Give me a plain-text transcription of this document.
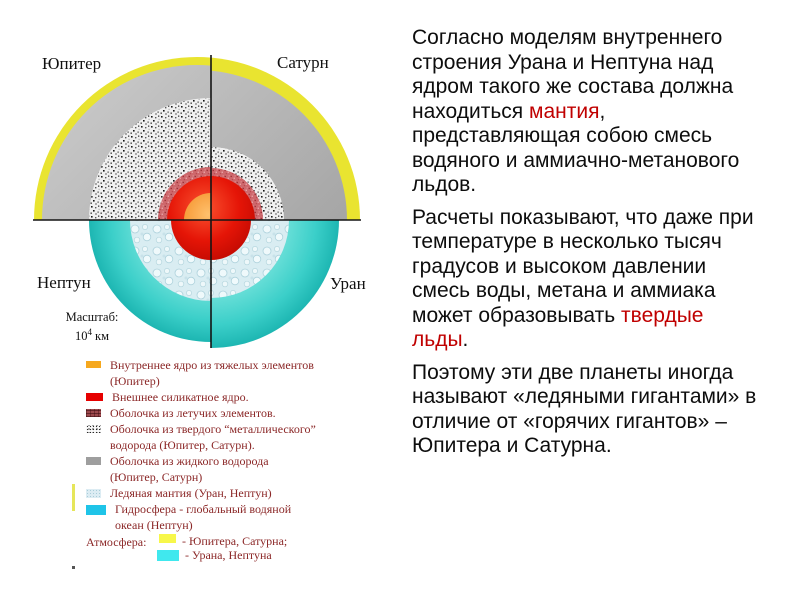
Юпитер	Сатурн
Нептун	Уран
Масштаб:
$10^4$ км
Внутреннее ядро из тяжелых элементов
(Юпитер)
Внешнее силикатное ядро.
Оболочка из летучих элементов.
Оболочка из твердого “металлического”
водорода (Юпитер, Сатурн).
Оболочка из жидкого водорода
(Юпитер, Сатурн)
Ледяная мантия (Уран, Нептун)
Гидросфера - глобальный водяной
океан (Нептун)
Атмосфера:	- Юпитера, Сатурна;
- Урана, Нептуна

Согласно моделям внутреннего строения Урана и Нептуна над ядром такого же состава должна находиться мантия, представляющая собою смесь водяного и аммиачно-метанового льдов.

Расчеты показывают, что даже при температуре в несколько тысяч градусов и высоком давлении смесь воды, метана и аммиака может образовывать твердые льды.

Поэтому эти две планеты иногда называют «ледяными гигантами» в отличие от «горячих гигантов» – Юпитера и Сатурна.
